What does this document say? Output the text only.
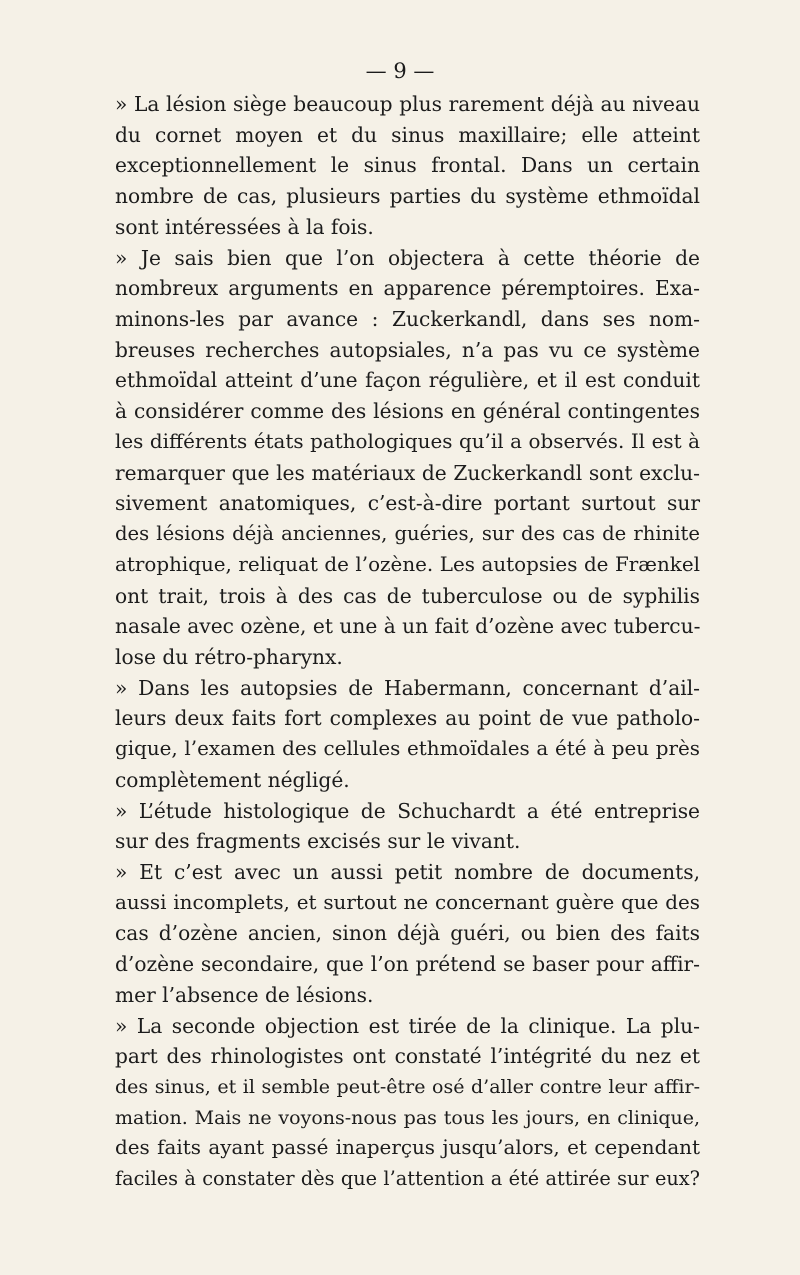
— 9 —
» La lésion siège beaucoup plus rarement déjà au niveau
du cornet moyen et du sinus maxillaire; elle atteint
exceptionnellement le sinus frontal. Dans un certain
nombre de cas, plusieurs parties du système ethmoïdal
sont intéressées à la fois.
» Je sais bien que l’on objectera à cette théorie de
nombreux arguments en apparence péremptoires. Exa-
minons-les par avance : Zuckerkandl, dans ses nom-
breuses recherches autopsiales, n’a pas vu ce système
ethmoïdal atteint d’une façon régulière, et il est conduit
à considérer comme des lésions en général contingentes
les différents états pathologiques qu’il a observés. Il est à
remarquer que les matériaux de Zuckerkandl sont exclu-
sivement anatomiques, c’est-à-dire portant surtout sur
des lésions déjà anciennes, guéries, sur des cas de rhinite
atrophique, reliquat de l’ozène. Les autopsies de Frænkel
ont trait, trois à des cas de tuberculose ou de syphilis
nasale avec ozène, et une à un fait d’ozène avec tubercu-
lose du rétro-pharynx.
» Dans les autopsies de Habermann, concernant d’ail-
leurs deux faits fort complexes au point de vue patholo-
gique, l’examen des cellules ethmoïdales a été à peu près
complètement négligé.
» L’étude histologique de Schuchardt a été entreprise
sur des fragments excisés sur le vivant.
» Et c’est avec un aussi petit nombre de documents,
aussi incomplets, et surtout ne concernant guère que des
cas d’ozène ancien, sinon déjà guéri, ou bien des faits
d’ozène secondaire, que l’on prétend se baser pour affir-
mer l’absence de lésions.
» La seconde objection est tirée de la clinique. La plu-
part des rhinologistes ont constaté l’intégrité du nez et
des sinus, et il semble peut-être osé d’aller contre leur affir-
mation. Mais ne voyons-nous pas tous les jours, en clinique,
des faits ayant passé inaperçus jusqu’alors, et cependant
faciles à constater dès que l’attention a été attirée sur eux?
